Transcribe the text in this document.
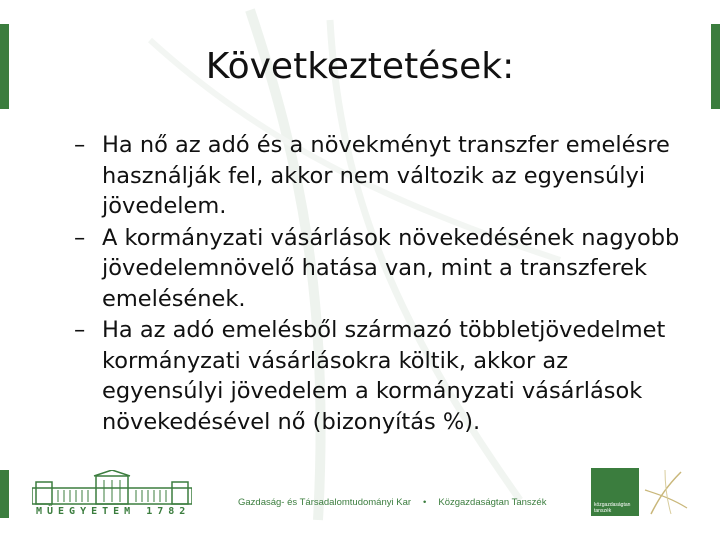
Következtetések:
– Ha nő az adó és a növekményt transzfer emelésre
használják fel, akkor nem változik az egyensúlyi
jövedelem.
– A kormányzati vásárlások növekedésének nagyobb
jövedelemnövelő hatása van, mint a transzferek
emelésének.
– Ha az adó emelésből származó többletjövedelmet
kormányzati vásárlásokra költik, akkor az
egyensúlyi jövedelem a kormányzati vásárlások
növekedésével nő (bizonyítás %).
MŰEGYETEM 1782
Gazdaság- és Társadalomtudományi Kar • Közgazdaságtan Tanszék	közgazdaságtan
tanszék
